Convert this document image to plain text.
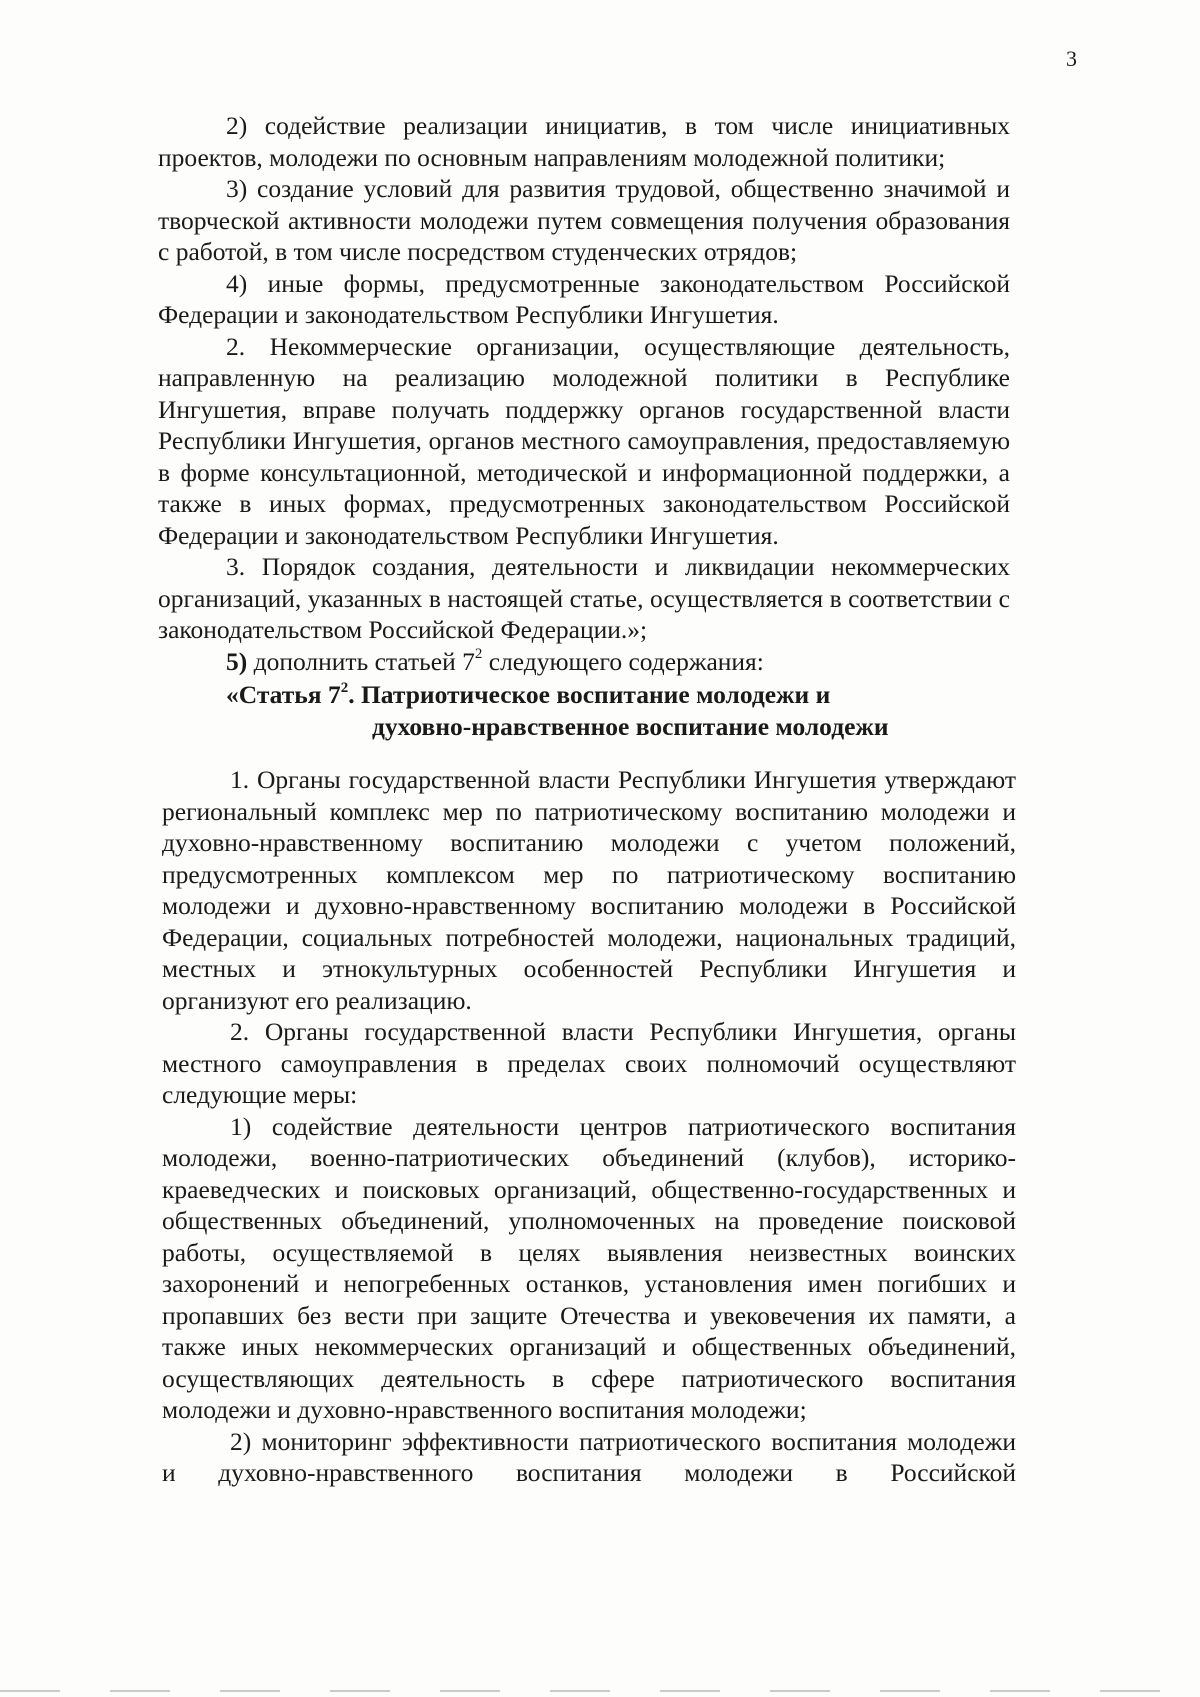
3

2) содействие реализации инициатив, в том числе инициативных проектов, молодежи по основным направлениям молодежной политики;

3) создание условий для развития трудовой, общественно значимой и творческой активности молодежи путем совмещения получения образования с работой, в том числе посредством студенческих отрядов;

4) иные формы, предусмотренные законодательством Российской Федерации и законодательством Республики Ингушетия.

2. Некоммерческие организации, осуществляющие деятельность, направленную на реализацию молодежной политики в Республике Ингушетия, вправе получать поддержку органов государственной власти Республики Ингушетия, органов местного самоуправления, предоставляемую в форме консультационной, методической и информационной поддержки, а также в иных формах, предусмотренных законодательством Российской Федерации и законодательством Республики Ингушетия.

3. Порядок создания, деятельности и ликвидации некоммерческих организаций, указанных в настоящей статье, осуществляется в соответствии с законодательством Российской Федерации.»;

5) дополнить статьей $7^2$ следующего содержания:

«Статья $7^2$. Патриотическое воспитание молодежи и
духовно-нравственное воспитание молодежи

1. Органы государственной власти Республики Ингушетия утверждают региональный комплекс мер по патриотическому воспитанию молодежи и духовно-нравственному воспитанию молодежи с учетом положений, предусмотренных комплексом мер по патриотическому воспитанию молодежи и духовно-нравственному воспитанию молодежи в Российской Федерации, социальных потребностей молодежи, национальных традиций, местных и этнокультурных особенностей Республики Ингушетия и организуют его реализацию.

2. Органы государственной власти Республики Ингушетия, органы местного самоуправления в пределах своих полномочий осуществляют следующие меры:

1) содействие деятельности центров патриотического воспитания молодежи, военно-патриотических объединений (клубов), историко-краеведческих и поисковых организаций, общественно-государственных и общественных объединений, уполномоченных на проведение поисковой работы, осуществляемой в целях выявления неизвестных воинских захоронений и непогребенных останков, установления имен погибших и пропавших без вести при защите Отечества и увековечения их памяти, а также иных некоммерческих организаций и общественных объединений, осуществляющих деятельность в сфере патриотического воспитания молодежи и духовно-нравственного воспитания молодежи;

2) мониторинг эффективности патриотического воспитания молодежи и духовно-нравственного воспитания молодежи в Российской
